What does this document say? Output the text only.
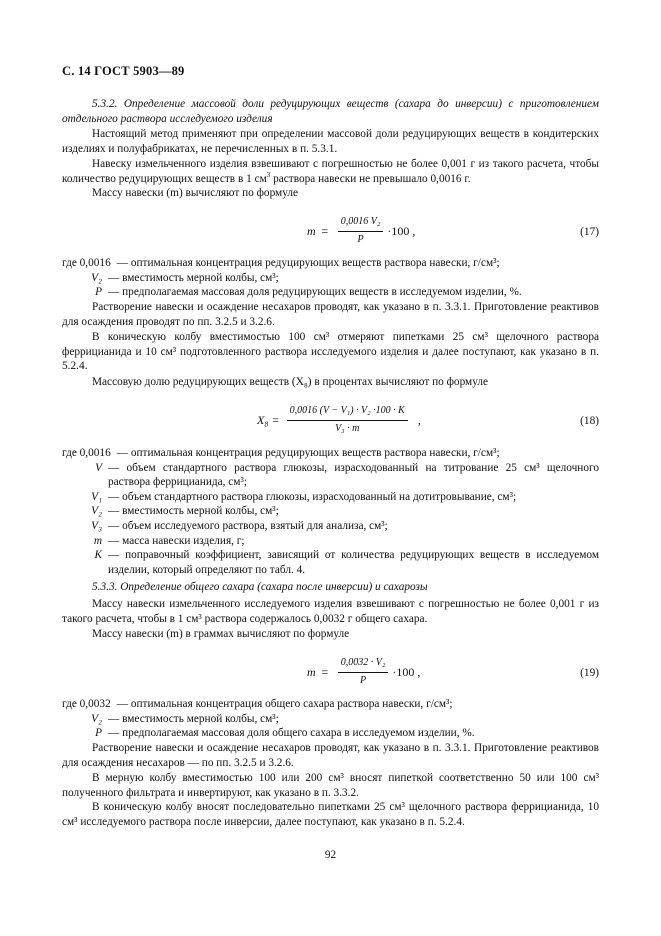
С. 14 ГОСТ 5903—89

5.3.2. Определение массовой доли редуцирующих веществ (сахара до инверсии) с приготовлением отдельного раствора исследуемого изделия

Настоящий метод применяют при определении массовой доли редуцирующих веществ в кондитерских изделиях и полуфабрикатах, не перечисленных в п. 5.3.1.

Навеску измельченного изделия взвешивают с погрешностью не более 0,001 г из такого расчета, чтобы количество редуцирующих веществ в 1 $см^3$ раствора навески не превышало 0,0016 г.

Массу навески (m) вычисляют по формуле

$m = \frac{\text{0,0016 V₂}}{P} \cdot 100$ ,	(17)
где 0,0016 — оптимальная концентрация редуцирующих веществ раствора навески, г/см³;
V₂ — вместимость мерной колбы, см³;
P — предполагаемая массовая доля редуцирующих веществ в исследуемом изделии, %.

Растворение навески и осаждение несахаров проводят, как указано в п. 3.3.1. Приготовление реактивов для осаждения проводят по пп. 3.2.5 и 3.2.6.

В коническую колбу вместимостью 100 см³ отмеряют пипетками 25 см³ щелочного раствора феррицианида и 10 см³ подготовленного раствора исследуемого изделия и далее поступают, как указано в п. 5.2.4.

Массовую долю редуцирующих веществ (X₈) в процентах вычисляют по формуле

$X_8 = \frac{\text{0,0016 (V − V₁) · V₂ ·100 · K}}{\text{V₃ · m}}$ ,	(18)
где 0,0016 — оптимальная концентрация редуцирующих веществ раствора навески, г/см³;
V — объем стандартного раствора глюкозы, израсходованный на титрование 25 см³ щелочного раствора феррицианида, см³;
V₁ — объем стандартного раствора глюкозы, израсходованный на дотитровывание, см³;
V₂ — вместимость мерной колбы, см³;
V₃ — объем исследуемого раствора, взятый для анализа, см³;
m — масса навески изделия, г;
K — поправочный коэффициент, зависящий от количества редуцирующих веществ в исследуемом изделии, который определяют по табл. 4.

5.3.3. Определение общего сахара (сахара после инверсии) и сахарозы

Массу навески измельченного исследуемого изделия взвешивают с погрешностью не более 0,001 г из такого расчета, чтобы в 1 см³ раствора содержалось 0,0032 г общего сахара.

Массу навески (m) в граммах вычисляют по формуле

$m = \frac{\text{0,0032 · V₂}}{P} \cdot 100$ ,	(19)
где 0,0032 — оптимальная концентрация общего сахара раствора навески, г/см³;
V₂ — вместимость мерной колбы, см³;
P — предполагаемая массовая доля общего сахара в исследуемом изделии, %.

Растворение навески и осаждение несахаров проводят, как указано в п. 3.3.1. Приготовление реактивов для осаждения несахаров — по пп. 3.2.5 и 3.2.6.

В мерную колбу вместимостью 100 или 200 см³ вносят пипеткой соответственно 50 или 100 см³ полученного фильтрата и инвертируют, как указано в п. 3.3.2.

В коническую колбу вносят последовательно пипетками 25 см³ щелочного раствора феррицианида, 10 см³ исследуемого раствора после инверсии, далее поступают, как указано в п. 5.2.4.

92
